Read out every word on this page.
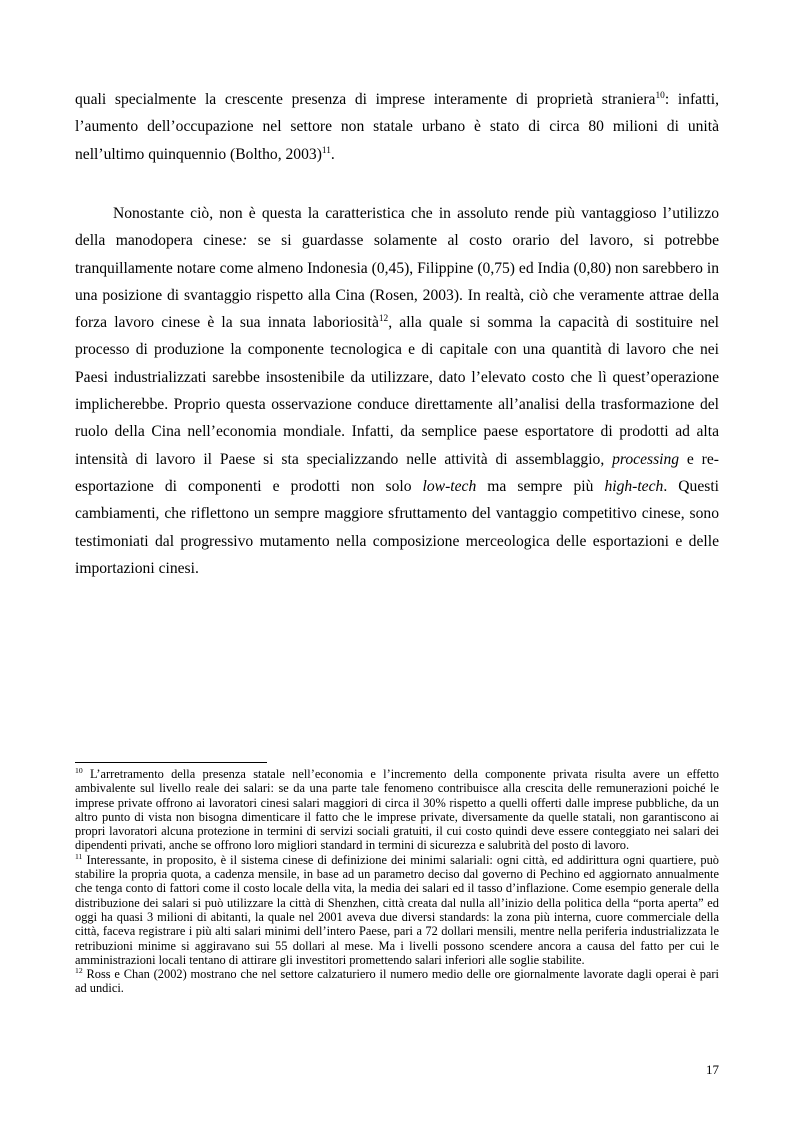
quali specialmente la crescente presenza di imprese interamente di proprietà straniera$^{10}$: infatti, l’aumento dell’occupazione nel settore non statale urbano è stato di circa 80 milioni di unità nell’ultimo quinquennio (Boltho, 2003)$^{11}$.

Nonostante ciò, non è questa la caratteristica che in assoluto rende più vantaggioso l’utilizzo della manodopera cinese: se si guardasse solamente al costo orario del lavoro, si potrebbe tranquillamente notare come almeno Indonesia (0,45), Filippine (0,75) ed India (0,80) non sarebbero in una posizione di svantaggio rispetto alla Cina (Rosen, 2003). In realtà, ciò che veramente attrae della forza lavoro cinese è la sua innata laboriosità$^{12}$, alla quale si somma la capacità di sostituire nel processo di produzione la componente tecnologica e di capitale con una quantità di lavoro che nei Paesi industrializzati sarebbe insostenibile da utilizzare, dato l’elevato costo che lì quest’operazione implicherebbe. Proprio questa osservazione conduce direttamente all’analisi della trasformazione del ruolo della Cina nell’economia mondiale. Infatti, da semplice paese esportatore di prodotti ad alta intensità di lavoro il Paese si sta specializzando nelle attività di assemblaggio, processing e re-esportazione di componenti e prodotti non solo low-tech ma sempre più high-tech. Questi cambiamenti, che riflettono un sempre maggiore sfruttamento del vantaggio competitivo cinese, sono testimoniati dal progressivo mutamento nella composizione merceologica delle esportazioni e delle importazioni cinesi.

$^{10}$ L’arretramento della presenza statale nell’economia e l’incremento della componente privata risulta avere un effetto ambivalente sul livello reale dei salari: se da una parte tale fenomeno contribuisce alla crescita delle remunerazioni poiché le imprese private offrono ai lavoratori cinesi salari maggiori di circa il 30% rispetto a quelli offerti dalle imprese pubbliche, da un altro punto di vista non bisogna dimenticare il fatto che le imprese private, diversamente da quelle statali, non garantiscono ai propri lavoratori alcuna protezione in termini di servizi sociali gratuiti, il cui costo quindi deve essere conteggiato nei salari dei dipendenti privati, anche se offrono loro migliori standard in termini di sicurezza e salubrità del posto di lavoro.

$^{11}$ Interessante, in proposito, è il sistema cinese di definizione dei minimi salariali: ogni città, ed addirittura ogni quartiere, può stabilire la propria quota, a cadenza mensile, in base ad un parametro deciso dal governo di Pechino ed aggiornato annualmente che tenga conto di fattori come il costo locale della vita, la media dei salari ed il tasso d’inflazione. Come esempio generale della distribuzione dei salari si può utilizzare la città di Shenzhen, città creata dal nulla all’inizio della politica della “porta aperta” ed oggi ha quasi 3 milioni di abitanti, la quale nel 2001 aveva due diversi standards: la zona più interna, cuore commerciale della città, faceva registrare i più alti salari minimi dell’intero Paese, pari a 72 dollari mensili, mentre nella periferia industrializzata le retribuzioni minime si aggiravano sui 55 dollari al mese. Ma i livelli possono scendere ancora a causa del fatto per cui le amministrazioni locali tentano di attirare gli investitori promettendo salari inferiori alle soglie stabilite.

$^{12}$ Ross e Chan (2002) mostrano che nel settore calzaturiero il numero medio delle ore giornalmente lavorate dagli operai è pari ad undici.

17
